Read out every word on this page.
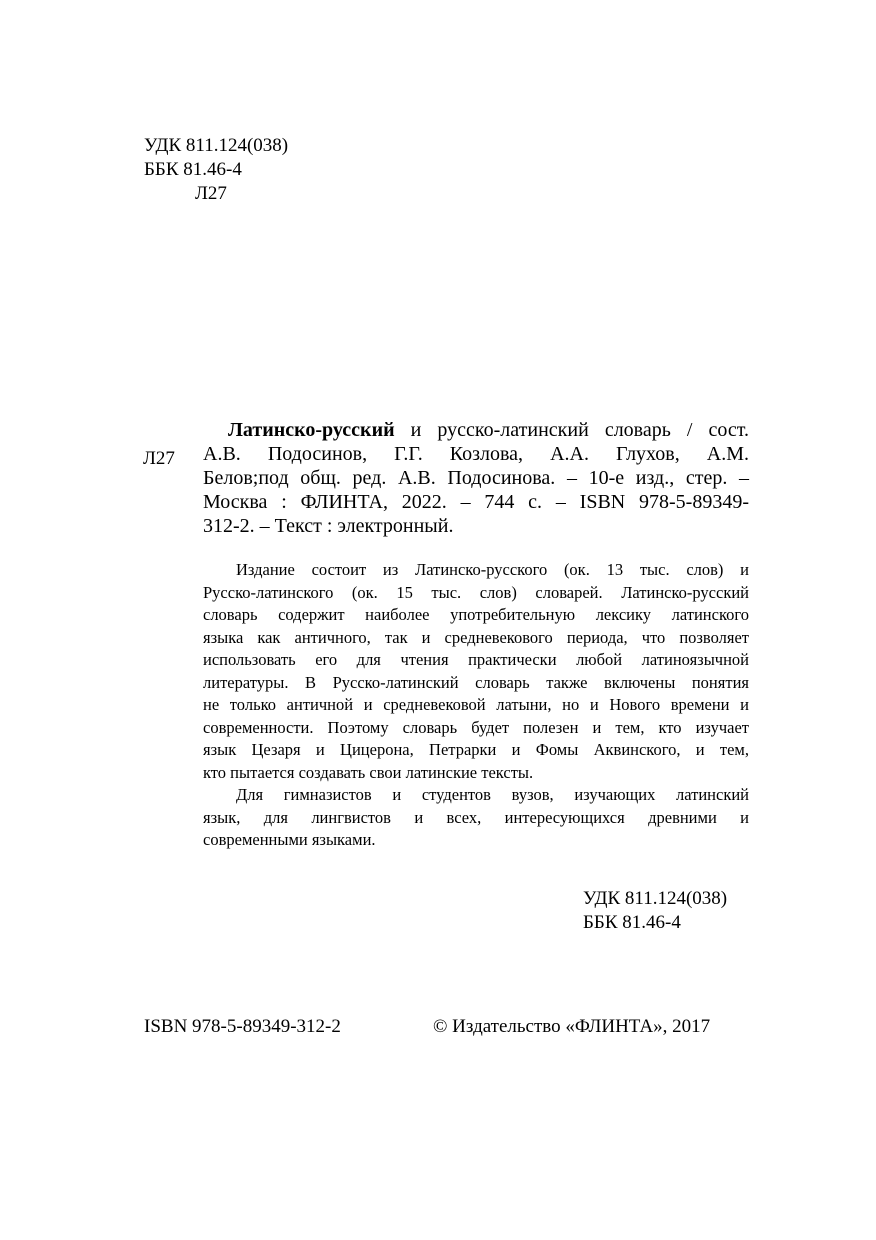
УДК 811.124(038)
ББК 81.46-4
Л27
Л27
Латинско-русский и русско-латинский словарь / сост.
А.В. Подосинов, Г.Г. Козлова, А.А. Глухов, А.М.
Белов;под общ. ред. А.В. Подосинова. – 10-е изд., стер. –
Москва : ФЛИНТА, 2022. – 744 с. – ISBN 978-5-89349-
312-2. – Текст : электронный.
Издание состоит из Латинско-русского (ок. 13 тыс. слов) и
Русско-латинского (ок. 15 тыс. слов) словарей. Латинско-русский
словарь содержит наиболее употребительную лексику латинского
языка как античного, так и средневекового периода, что позволяет
использовать его для чтения практически любой латиноязычной
литературы. В Русско-латинский словарь также включены понятия
не только античной и средневековой латыни, но и Нового времени и
современности. Поэтому словарь будет полезен и тем, кто изучает
язык Цезаря и Цицерона, Петрарки и Фомы Аквинского, и тем,
кто пытается создавать свои латинские тексты.
Для гимназистов и студентов вузов, изучающих латинский
язык, для лингвистов и всех, интересующихся древними и
современными языками.
УДК 811.124(038)
ББК 81.46-4
ISBN 978-5-89349-312-2	© Издательство «ФЛИНТА», 2017
